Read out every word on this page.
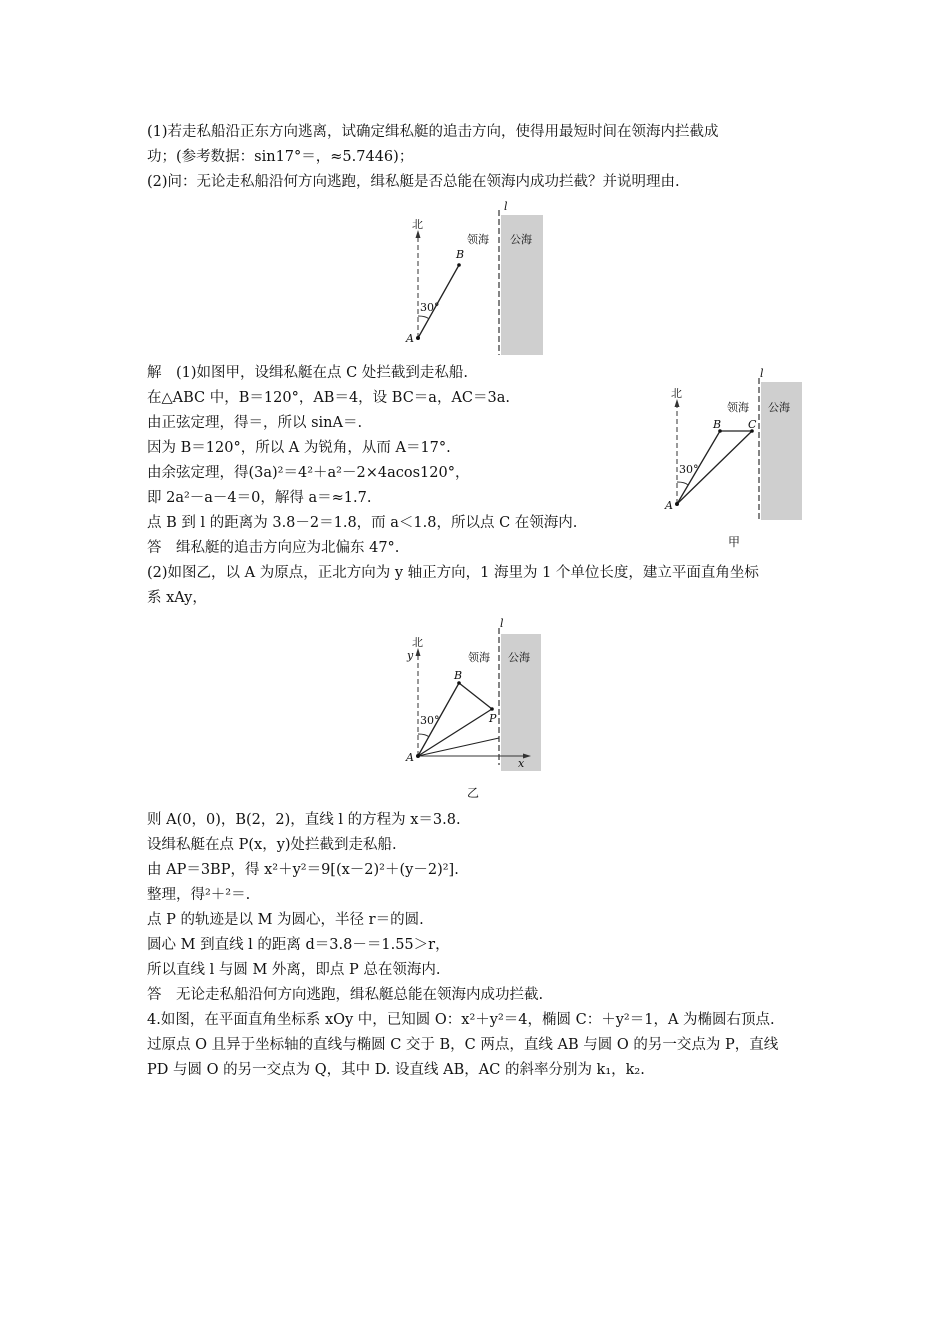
(1)若走私船沿正东方向逃离，试确定缉私艇的追击方向，使得用最短时间在领海内拦截成
功；(参考数据：sin17°＝，≈5.7446)；
(2)问：无论走私船沿何方向逃跑，缉私艇是否总能在领海内成功拦截？并说明理由.
北
领海 公海
l
A
B
30°
解　(1)如图甲，设缉私艇在点 C 处拦截到走私船.
在△ABC 中，B＝120°，AB＝4，设 BC＝a，AC＝3a.
由正弦定理，得＝，所以 sinA＝.
因为 B＝120°，所以 A 为锐角，从而 A＝17°.
由余弦定理，得(3a)²＝4²＋a²－2×4acos120°，
即 2a²－a－4＝0，解得 a＝≈1.7.
点 B 到 l 的距离为 3.8－2＝1.8，而 a＜1.8，所以点 C 在领海内.
答　缉私艇的追击方向应为北偏东 47°.
北
领海 公海
l
A
B C
30°
甲
(2)如图乙，以 A 为原点，正北方向为 y 轴正方向，1 海里为 1 个单位长度，建立平面直角坐标
系 xAy，
北
y	领海 公海
l
A
B
P
x
30°
乙
则 A(0，0)，B(2，2)，直线 l 的方程为 x＝3.8.
设缉私艇在点 P(x，y)处拦截到走私船.
由 AP＝3BP，得 x²＋y²＝9[(x－2)²＋(y－2)²].
整理，得²＋²＝.
点 P 的轨迹是以 M 为圆心，半径 r＝的圆.
圆心 M 到直线 l 的距离 d＝3.8－＝1.55＞r，
所以直线 l 与圆 M 外离，即点 P 总在领海内.
答　无论走私船沿何方向逃跑，缉私艇总能在领海内成功拦截.
4.如图，在平面直角坐标系 xOy 中，已知圆 O：x²＋y²＝4，椭圆 C：＋y²＝1，A 为椭圆右顶点.
过原点 O 且异于坐标轴的直线与椭圆 C 交于 B，C 两点，直线 AB 与圆 O 的另一交点为 P，直线
PD 与圆 O 的另一交点为 Q，其中 D. 设直线 AB，AC 的斜率分别为 k₁，k₂.
